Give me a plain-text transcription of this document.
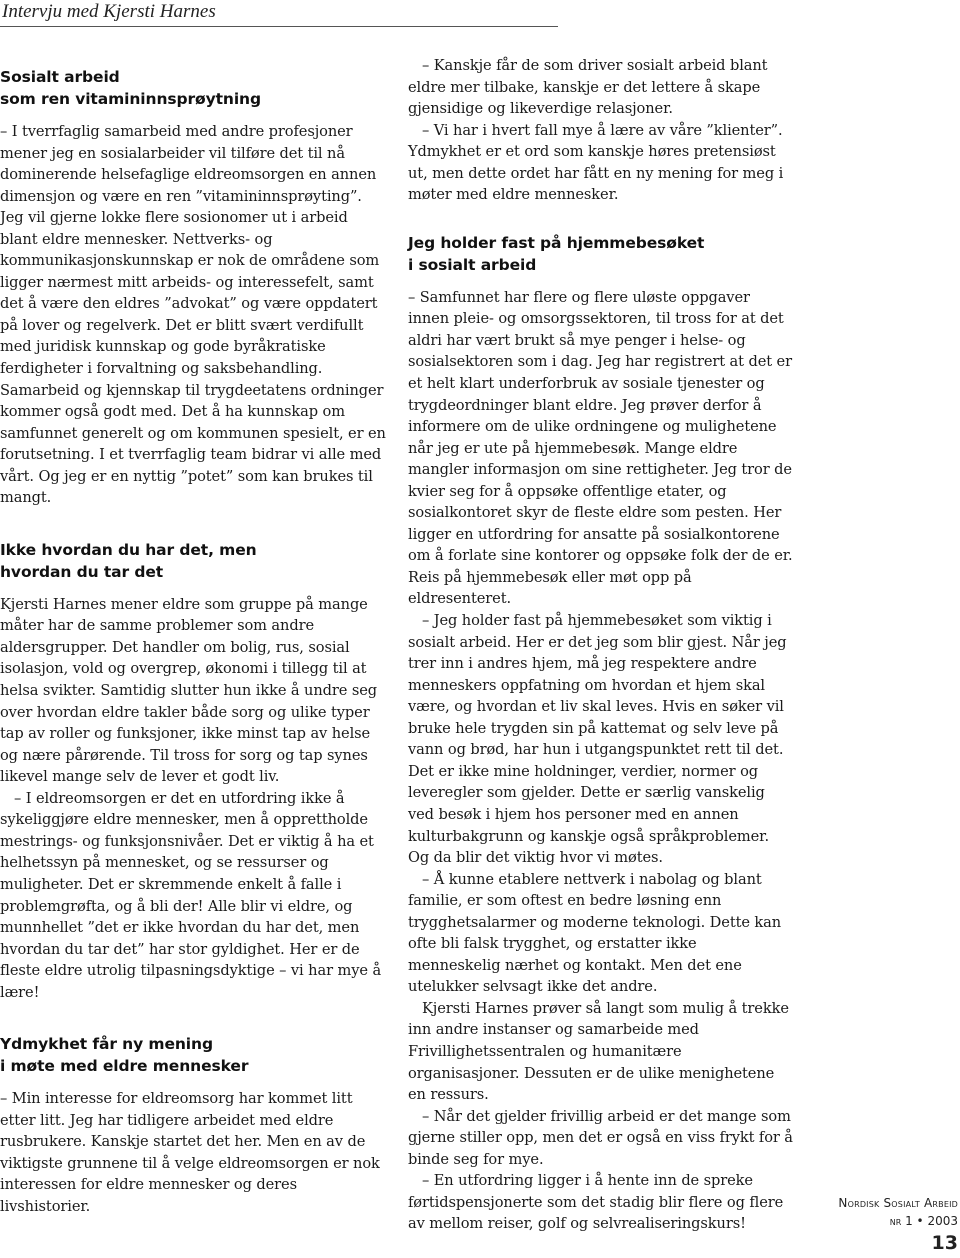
Intervju med Kjersti Harnes
Sosialt arbeid
som ren vitamininnsprøytning

– I tverrfaglig samarbeid med andre profesjoner mener jeg en sosialarbeider vil tilføre det til nå dominerende helsefaglige eldreomsorgen en annen dimensjon og være en ren ”vitamininnsprøyting”. Jeg vil gjerne lokke flere sosionomer ut i arbeid blant eldre mennesker. Nettverks- og kommunikasjonskunnskap er nok de områdene som ligger nærmest mitt arbeids- og interessefelt, samt det å være den eldres ”advokat” og være oppdatert på lover og regelverk. Det er blitt svært verdifullt med juridisk kunnskap og gode byråkratiske ferdigheter i forvaltning og saksbehandling. Samarbeid og kjennskap til trygdeetatens ordninger kommer også godt med. Det å ha kunnskap om samfunnet generelt og om kommunen spesielt, er en forutsetning. I et tverrfaglig team bidrar vi alle med vårt. Og jeg er en nyttig ”potet” som kan brukes til mangt.

Ikke hvordan du har det, men
hvordan du tar det

Kjersti Harnes mener eldre som gruppe på mange måter har de samme problemer som andre aldersgrupper. Det handler om bolig, rus, sosial isolasjon, vold og overgrep, økonomi i tillegg til at helsa svikter. Samtidig slutter hun ikke å undre seg over hvordan eldre takler både sorg og ulike typer tap av roller og funksjoner, ikke minst tap av helse og nære pårørende. Til tross for sorg og tap synes likevel mange selv de lever et godt liv.

– I eldreomsorgen er det en utfordring ikke å sykeliggjøre eldre mennesker, men å opprettholde mestrings- og funksjonsnivåer. Det er viktig å ha et helhetssyn på mennesket, og se ressurser og muligheter. Det er skremmende enkelt å falle i problemgrøfta, og å bli der! Alle blir vi eldre, og munnhellet ”det er ikke hvordan du har det, men hvordan du tar det” har stor gyldighet. Her er de fleste eldre utrolig tilpasningsdyktige – vi har mye å lære!

Ydmykhet får ny mening
i møte med eldre mennesker

– Min interesse for eldreomsorg har kommet litt etter litt. Jeg har tidligere arbeidet med eldre rusbrukere. Kanskje startet det her. Men en av de viktigste grunnene til å velge eldreomsorgen er nok interessen for eldre mennesker og deres livshistorier.

– Kanskje får de som driver sosialt arbeid blant eldre mer tilbake, kanskje er det lettere å skape gjensidige og likeverdige relasjoner.

– Vi har i hvert fall mye å lære av våre ”klienter”. Ydmykhet er et ord som kanskje høres pretensiøst ut, men dette ordet har fått en ny mening for meg i møter med eldre mennesker.

Jeg holder fast på hjemmebesøket
i sosialt arbeid

– Samfunnet har flere og flere uløste oppgaver innen pleie- og omsorgssektoren, til tross for at det aldri har vært brukt så mye penger i helse- og sosialsektoren som i dag. Jeg har registrert at det er et helt klart underforbruk av sosiale tjenester og trygdeordninger blant eldre. Jeg prøver derfor å informere om de ulike ordningene og mulighetene når jeg er ute på hjemmebesøk. Mange eldre mangler informasjon om sine rettigheter. Jeg tror de kvier seg for å oppsøke offentlige etater, og sosialkontoret skyr de fleste eldre som pesten. Her ligger en utfordring for ansatte på sosialkontorene om å forlate sine kontorer og oppsøke folk der de er. Reis på hjemmebesøk eller møt opp på eldresenteret.

– Jeg holder fast på hjemmebesøket som viktig i sosialt arbeid. Her er det jeg som blir gjest. Når jeg trer inn i andres hjem, må jeg respektere andre menneskers oppfatning om hvordan et hjem skal være, og hvordan et liv skal leves. Hvis en søker vil bruke hele trygden sin på kattemat og selv leve på vann og brød, har hun i utgangspunktet rett til det. Det er ikke mine holdninger, verdier, normer og leveregler som gjelder. Dette er særlig vanskelig ved besøk i hjem hos personer med en annen kulturbakgrunn og kanskje også språkproblemer. Og da blir det viktig hvor vi møtes.

– Å kunne etablere nettverk i nabolag og blant familie, er som oftest en bedre løsning enn trygghetsalarmer og moderne teknologi. Dette kan ofte bli falsk trygghet, og erstatter ikke menneskelig nærhet og kontakt. Men det ene utelukker selvsagt ikke det andre.

Kjersti Harnes prøver så langt som mulig å trekke inn andre instanser og samarbeide med Frivillighetssentralen og humanitære organisasjoner. Dessuten er de ulike menighetene en ressurs.

– Når det gjelder frivillig arbeid er det mange som gjerne stiller opp, men det er også en viss frykt for å binde seg for mye.

– En utfordring ligger i å hente inn de spreke førtidspensjonerte som det stadig blir flere og flere av mellom reiser, golf og selvrealiseringskurs!

Nordisk Sosialt Arbeid
nr 1 • 2003
13
